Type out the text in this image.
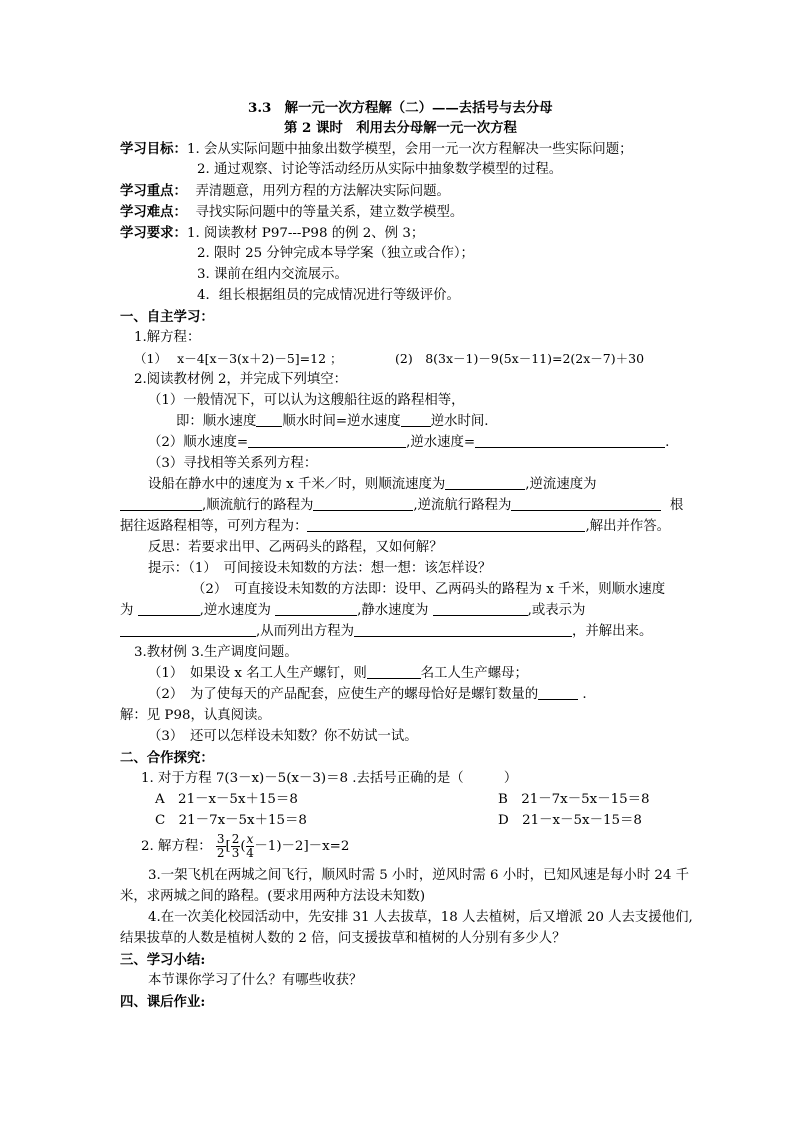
3.3　解一元一次方程解（二）——去括号与去分母
第 2 课时　利用去分母解一元一次方程
学习目标：1. 会从实际问题中抽象出数学模型，会用一元一次方程解决一些实际问题；
2. 通过观察、讨论等活动经历从实际中抽象数学模型的过程。
学习重点： 弄清题意，用列方程的方法解决实际问题。
学习难点： 寻找实际问题中的等量关系，建立数学模型。
学习要求：1. 阅读教材 P97---P98 的例 2、例 3；
2. 限时 25 分钟完成本导学案（独立或合作）；
3. 课前在组内交流展示。
4．组长根据组员的完成情况进行等级评价。
一、自主学习：
1.解方程：
（1）　 x－4[x－3(x＋2)－5]=12 ；	(2)　8(3x－1)－9(5x－11)=2(2x－7)＋30
2.阅读教材例 2，并完成下列填空：
（1）一般情况下，可以认为这艘船往返的路程相等，
即：顺水速度 顺水时间=逆水速度 逆水时间.
（2）顺水速度=	,逆水速度=	.
（3）寻找相等关系列方程：
设船在静水中的速度为 x 千米／时，则顺流速度为	,逆流速度为
,顺流航行的路程为	,逆流航行路程为	根
据往返路程相等，可列方程为：	,解出并作答。
反思：若要求出甲、乙两码头的路程，又如何解？
提示：（1）　可间接设未知数的方法：想一想：该怎样设？
（2）　可直接设未知数的方法即：设甲、乙两码头的路程为 x 千米，则顺水速度
为	,逆水速度为	,静水速度为	,或表示为
,从而列出方程为	，并解出来。
3.教材例 3.生产调度问题。
（1）　如果设 x 名工人生产螺钉，则	名工人生产螺母；
（2）　为了使每天的产品配套，应使生产的螺母恰好是螺钉数量的	.
解：见 P98，认真阅读。
（3）　还可以怎样设未知数？你不妨试一试。
二、合作探究：
1. 对于方程 7(3－x)－5(x－3)＝8 .去括号正确的是（　　　）
A　21－x－5x＋15＝8	B　21－7x－5x－15＝8
C　21－7x－5x＋15＝8	D　21－x－5x－15＝8
2. 解方程： $\frac{3}{2}$ [ $\frac{2}{3}$ ( $\frac{x}{4} -1)-2]-x=2$
3.一架飞机在两城之间飞行，顺风时需 5 小时，逆风时需 6 小时，已知风速是每小时 24 千
米，求两城之间的路程。(要求用两种方法设未知数)
4.在一次美化校园活动中，先安排 31 人去拔草，18 人去植树，后又增派 20 人去支援他们,
结果拔草的人数是植树人数的 2 倍，问支援拔草和植树的人分别有多少人？
三、学习小结:
本节课你学习了什么？有哪些收获？
四、课后作业:
